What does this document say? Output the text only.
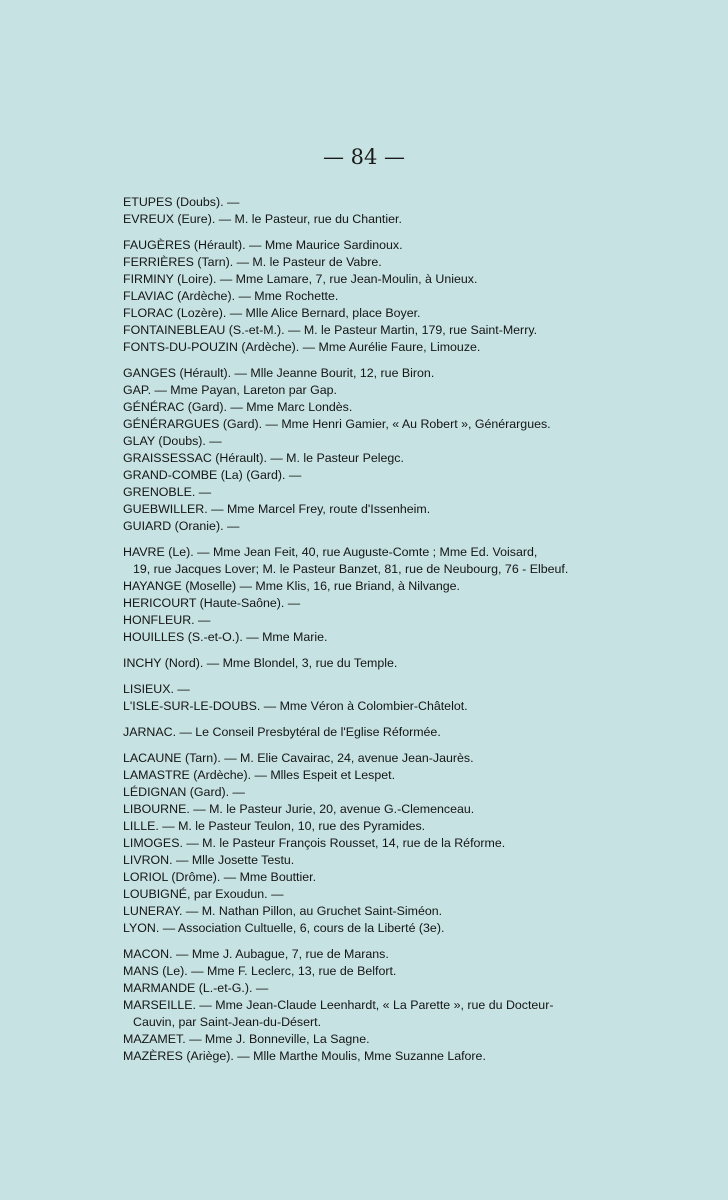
— 84 —
ETUPES (Doubs). —
EVREUX (Eure). — M. le Pasteur, rue du Chantier.
FAUGÈRES (Hérault). — Mme Maurice Sardinoux.
FERRIÈRES (Tarn). — M. le Pasteur de Vabre.
FIRMINY (Loire). — Mme Lamare, 7, rue Jean-Moulin, à Unieux.
FLAVIAC (Ardèche). — Mme Rochette.
FLORAC (Lozère). — Mlle Alice Bernard, place Boyer.
FONTAINEBLEAU (S.-et-M.). — M. le Pasteur Martin, 179, rue Saint-Merry.
FONTS-DU-POUZIN (Ardèche). — Mme Aurélie Faure, Limouze.
GANGES (Hérault). — Mlle Jeanne Bourit, 12, rue Biron.
GAP. — Mme Payan, Lareton par Gap.
GÉNÉRAC (Gard). — Mme Marc Londès.
GÉNÉRARGUES (Gard). — Mme Henri Gamier, « Au Robert », Générargues.
GLAY (Doubs). —
GRAISSESSAC (Hérault). — M. le Pasteur Pelegc.
GRAND-COMBE (La) (Gard). —
GRENOBLE. —
GUEBWILLER. — Mme Marcel Frey, route d'Issenheim.
GUIARD (Oranie). —
HAVRE (Le). — Mme Jean Feit, 40, rue Auguste-Comte ; Mme Ed. Voisard,
19, rue Jacques Lover; M. le Pasteur Banzet, 81, rue de Neubourg, 76 - Elbeuf.
HAYANGE (Moselle) — Mme Klis, 16, rue Briand, à Nilvange.
HERICOURT (Haute-Saône). —
HONFLEUR. —
HOUILLES (S.-et-O.). — Mme Marie.
INCHY (Nord). — Mme Blondel, 3, rue du Temple.
LISIEUX. —
L'ISLE-SUR-LE-DOUBS. — Mme Véron à Colombier-Châtelot.
JARNAC. — Le Conseil Presbytéral de l'Eglise Réformée.
LACAUNE (Tarn). — M. Elie Cavairac, 24, avenue Jean-Jaurès.
LAMASTRE (Ardèche). — Mlles Espeit et Lespet.
LÉDIGNAN (Gard). —
LIBOURNE. — M. le Pasteur Jurie, 20, avenue G.-Clemenceau.
LILLE. — M. le Pasteur Teulon, 10, rue des Pyramides.
LIMOGES. — M. le Pasteur François Rousset, 14, rue de la Réforme.
LIVRON. — Mlle Josette Testu.
LORIOL (Drôme). — Mme Bouttier.
LOUBIGNÉ, par Exoudun. —
LUNERAY. — M. Nathan Pillon, au Gruchet Saint-Siméon.
LYON. — Association Cultuelle, 6, cours de la Liberté (3e).
MACON. — Mme J. Aubague, 7, rue de Marans.
MANS (Le). — Mme F. Leclerc, 13, rue de Belfort.
MARMANDE (L.-et-G.). —
MARSEILLE. — Mme Jean-Claude Leenhardt, « La Parette », rue du Docteur-
Cauvin, par Saint-Jean-du-Désert.
MAZAMET. — Mme J. Bonneville, La Sagne.
MAZÈRES (Ariège). — Mlle Marthe Moulis, Mme Suzanne Lafore.
